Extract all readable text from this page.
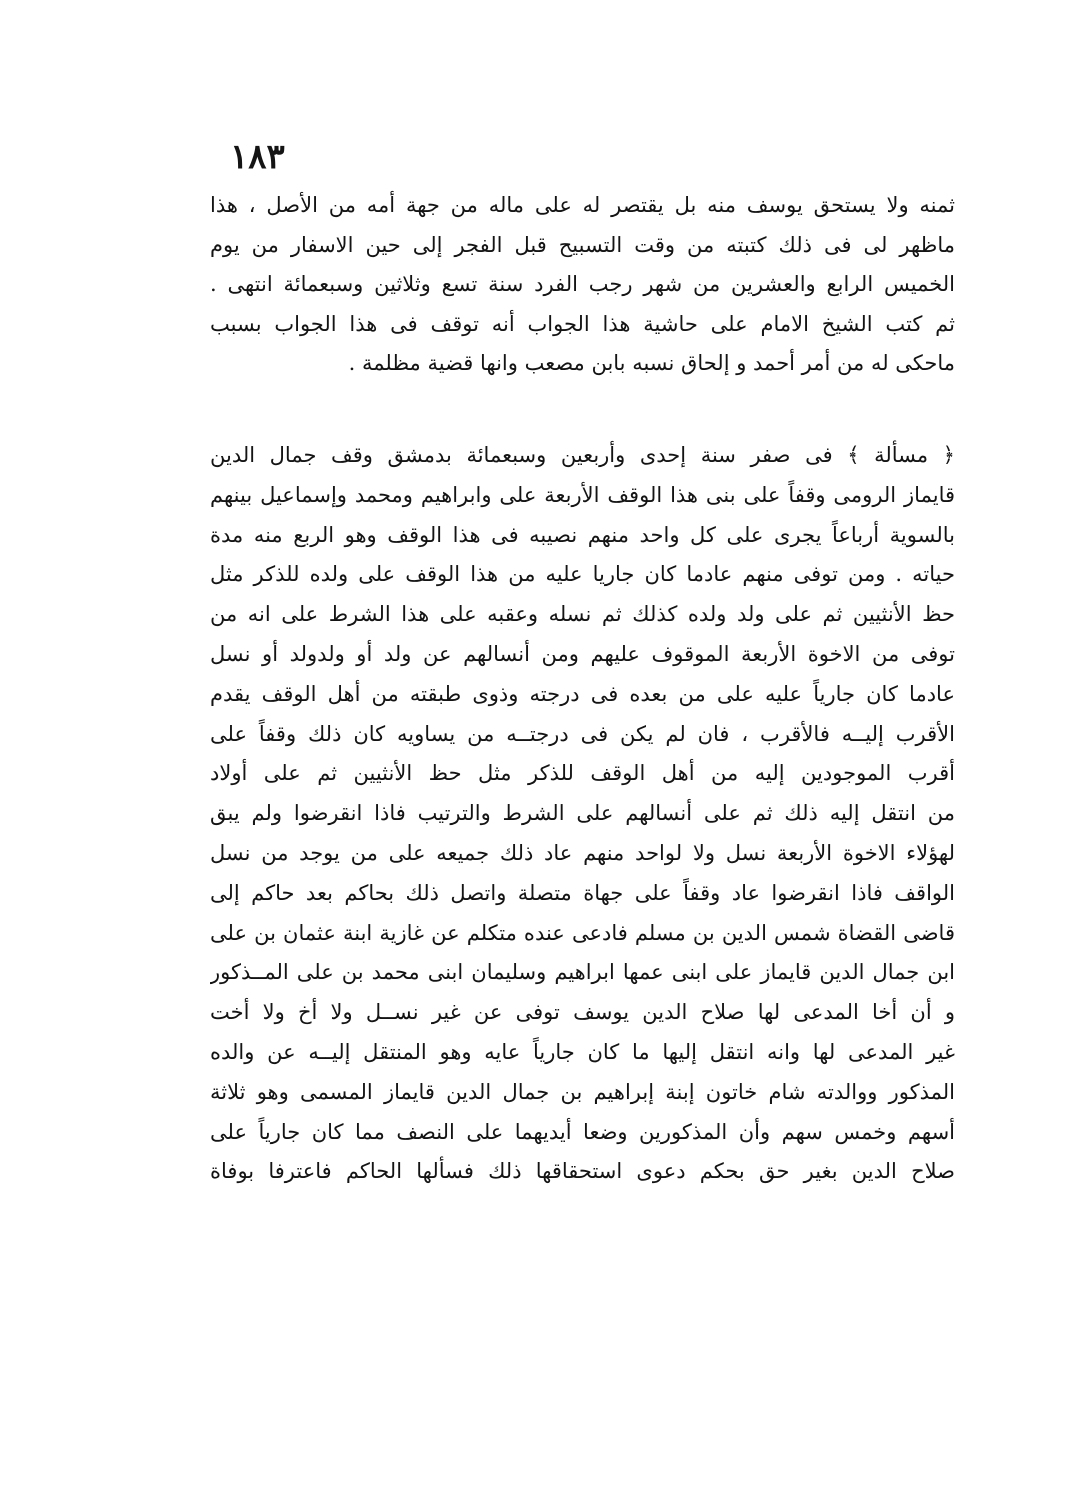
١٨٣
ثمنه ولا يستحق يوسف منه بل يقتصر له على ماله من جهة أمه من الأصل ، هذا
ماظهر لى فى ذلك كتبته من وقت التسبيح قبل الفجر إلى حين الاسفار من يوم
الخميس الرابع والعشرين من شهر رجب الفرد سنة تسع وثلاثين وسبعمائة انتهى .
ثم كتب الشيخ الامام على حاشية هذا الجواب أنه توقف فى هذا الجواب بسبب
ماحكى له من أمر أحمد و إلحاق نسبه بابن مصعب وانها قضية مظلمة .
﴿ مسألة ﴾ فى صفر سنة إحدى وأربعين وسبعمائة بدمشق وقف جمال الدين
قايماز الرومى وقفاً على بنى هذا الوقف الأربعة على وابراهيم ومحمد وإسماعيل بينهم
بالسوية أرباعاً يجرى على كل واحد منهم نصيبه فى هذا الوقف وهو الربع منه مدة
حياته . ومن توفى منهم عادما كان جاريا عليه من هذا الوقف على ولده للذكر مثل
حظ الأنثيين ثم على ولد ولده كذلك ثم نسله وعقبه على هذا الشرط على انه من
توفى من الاخوة الأربعة الموقوف عليهم ومن أنسالهم عن ولد أو ولدولد أو نسل
عادما كان جارياً عليه على من بعده فى درجته وذوى طبقته من أهل الوقف يقدم
الأقرب إليــه فالأقرب ، فان لم يكن فى درجتــه من يساويه كان ذلك وقفاً على
أقرب الموجودين إليه من أهل الوقف للذكر مثل حظ الأنثيين ثم على أولاد
من انتقل إليه ذلك ثم على أنسالهم على الشرط والترتيب فاذا انقرضوا ولم يبق
لهؤلاء الاخوة الأربعة نسل ولا لواحد منهم عاد ذلك جميعه على من يوجد من نسل
الواقف فاذا انقرضوا عاد وقفاً على جهاة متصلة واتصل ذلك بحاكم بعد حاكم إلى
قاضى القضاة شمس الدين بن مسلم فادعى عنده متكلم عن غازية ابنة عثمان بن على
ابن جمال الدين قايماز على ابنى عمها ابراهيم وسليمان ابنى محمد بن على المــذكور
و أن أخا المدعى لها صلاح الدين يوسف توفى عن غير نســل ولا أخ ولا أخت
غير المدعى لها وانه انتقل إليها ما كان جارياً عايه وهو المنتقل إليــه عن والده
المذكور ووالدته شام خاتون إبنة إبراهيم بن جمال الدين قايماز المسمى وهو ثلاثة
أسهم وخمس سهم وأن المذكورين وضعا أيديهما على النصف مما كان جارياً على
صلاح الدين بغير حق بحكم دعوى استحقاقها ذلك فسألها الحاكم فاعترفا بوفاة
